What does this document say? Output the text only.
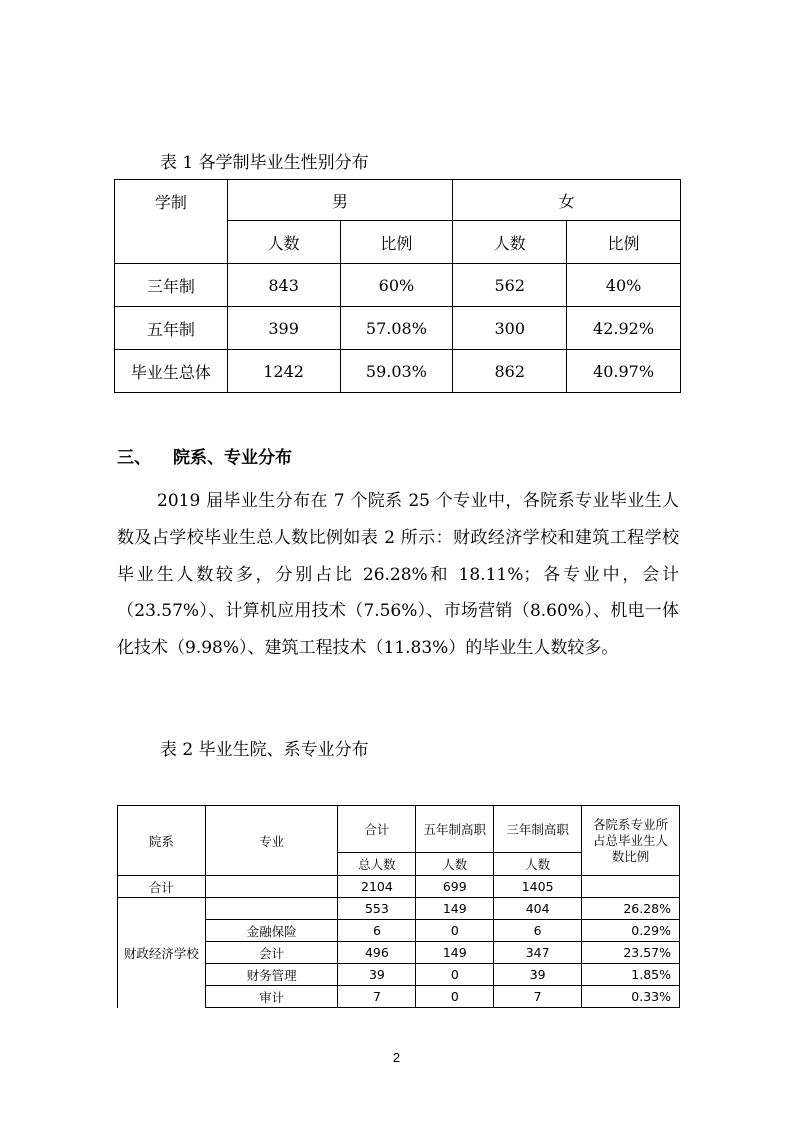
表 1 各学制毕业生性别分布
学制	男		女	
	人数	比例	人数	比例
三年制	843	60%	562	40%
五年制	399	57.08%	300	42.92%
毕业生总体	1242	59.03%	862	40.97%
三、 院系、专业分布

2019 届毕业生分布在 7 个院系 25 个专业中，各院系专业毕业生人数及占学校毕业生总人数比例如表 2 所示：财政经济学校和建筑工程学校毕业生人数较多，分别占比 26.28%和 18.11%；各专业中，会计（23.57%）、计算机应用技术（7.56%）、市场营销（8.60%）、机电一体化技术（9.98%）、建筑工程技术（11.83%）的毕业生人数较多。

表 2 毕业生院、系专业分布
院系	专业	合计	五年制高职	三年制高职	各院系专业所
占总毕业生人
数比例

		总人数	人数	人数	
合计		2104	699	1405	
财政经济学校		553	149	404	26.28%
	金融保险	6	0	6	0.29%
	会计	496	149	347	23.57%
	财务管理	39	0	39	1.85%
	审计	7	0	7	0.33%
2
